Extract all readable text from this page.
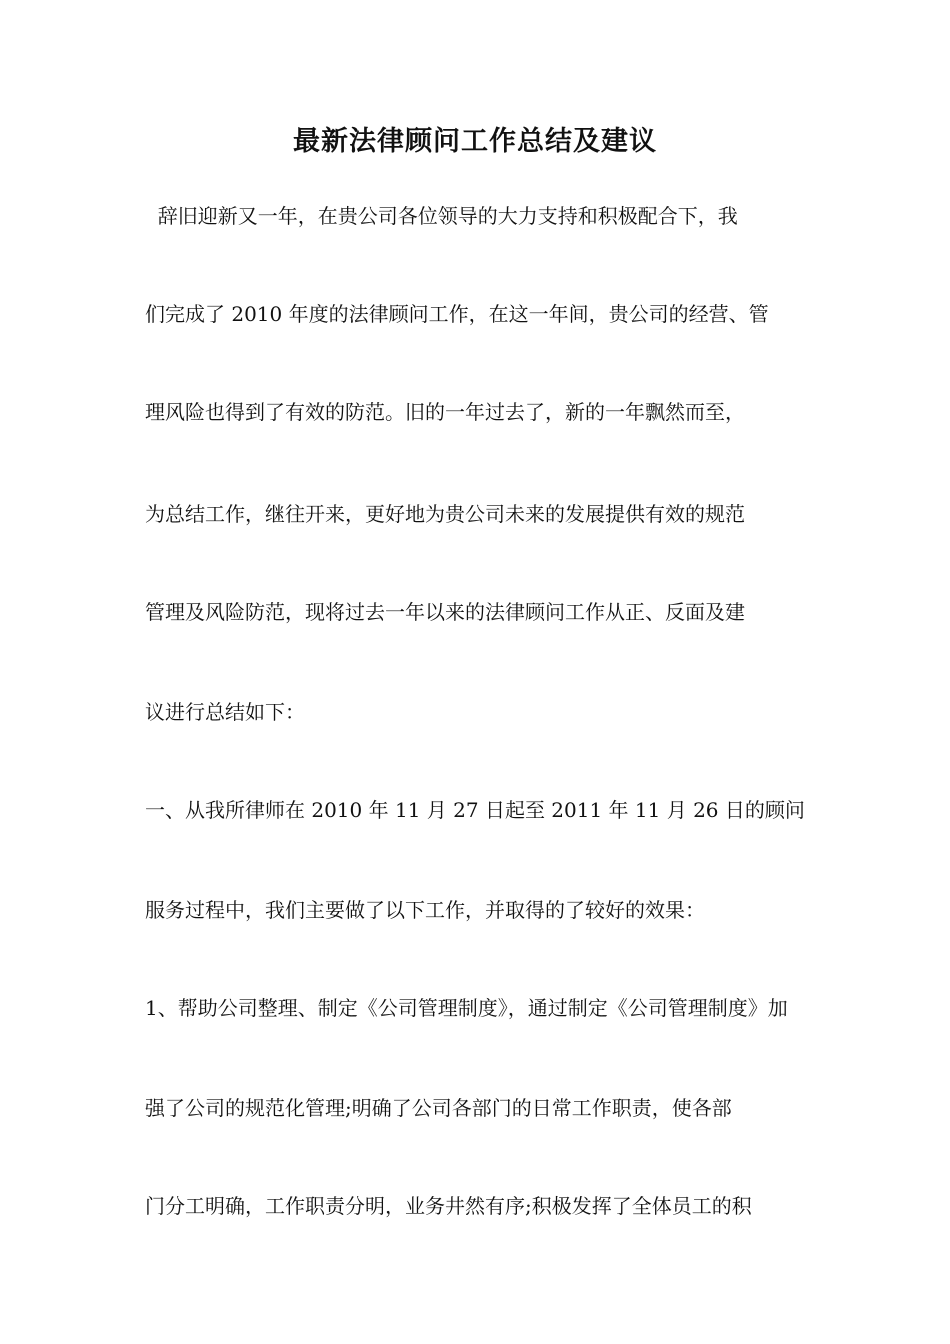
最新法律顾问工作总结及建议
辞旧迎新又一年，在贵公司各位领导的大力支持和积极配合下，我
们完成了 2010 年度的法律顾问工作，在这一年间，贵公司的经营、管
理风险也得到了有效的防范。旧的一年过去了，新的一年飘然而至，
为总结工作，继往开来，更好地为贵公司未来的发展提供有效的规范
管理及风险防范，现将过去一年以来的法律顾问工作从正、反面及建
议进行总结如下：
一、从我所律师在 2010 年 11 月 27 日起至 2011 年 11 月 26 日的顾问
服务过程中，我们主要做了以下工作，并取得的了较好的效果：
1、帮助公司整理、制定《公司管理制度》，通过制定《公司管理制度》加
强了公司的规范化管理;明确了公司各部门的日常工作职责，使各部
门分工明确，工作职责分明，业务井然有序;积极发挥了全体员工的积
